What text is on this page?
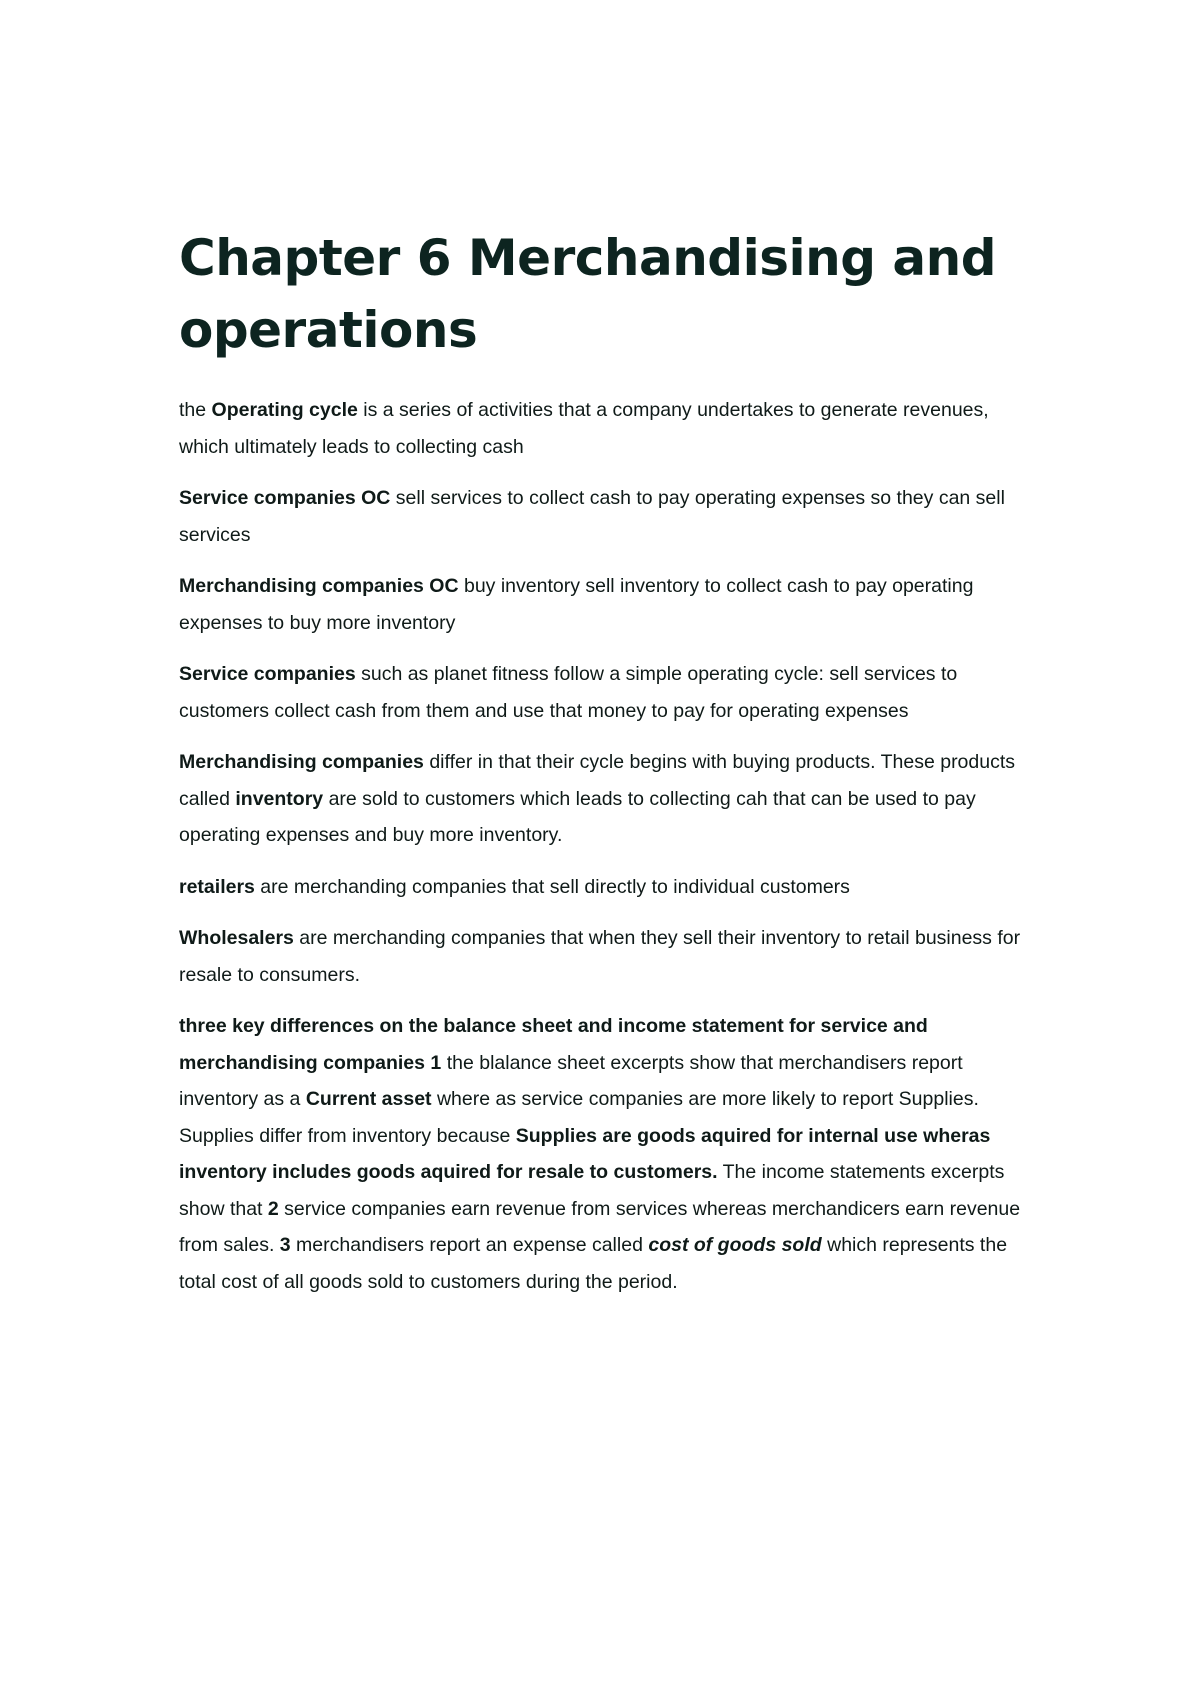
Chapter 6 Merchandising and operations

the Operating cycle is a series of activities that a company undertakes to generate revenues, which ultimately leads to collecting cash

Service companies OC sell services to collect cash to pay operating expenses so they can sell services

Merchandising companies OC buy inventory sell inventory to collect cash to pay operating expenses to buy more inventory

Service companies such as planet fitness follow a simple operating cycle: sell services to customers collect cash from them and use that money to pay for operating expenses

Merchandising companies differ in that their cycle begins with buying products. These products called inventory are sold to customers which leads to collecting cah that can be used to pay operating expenses and buy more inventory.

retailers are merchanding companies that sell directly to individual customers

Wholesalers are merchanding companies that when they sell their inventory to retail business for resale to consumers.

three key differences on the balance sheet and income statement for service and merchandising companies 1 the blalance sheet excerpts show that merchandisers report inventory as a Current asset where as service companies are more likely to report Supplies. Supplies differ from inventory because Supplies are goods aquired for internal use wheras inventory includes goods aquired for resale to customers. The income statements excerpts show that 2 service companies earn revenue from services whereas merchandicers earn revenue from sales. 3 merchandisers report an expense called cost of goods sold which represents the total cost of all goods sold to customers during the period.
